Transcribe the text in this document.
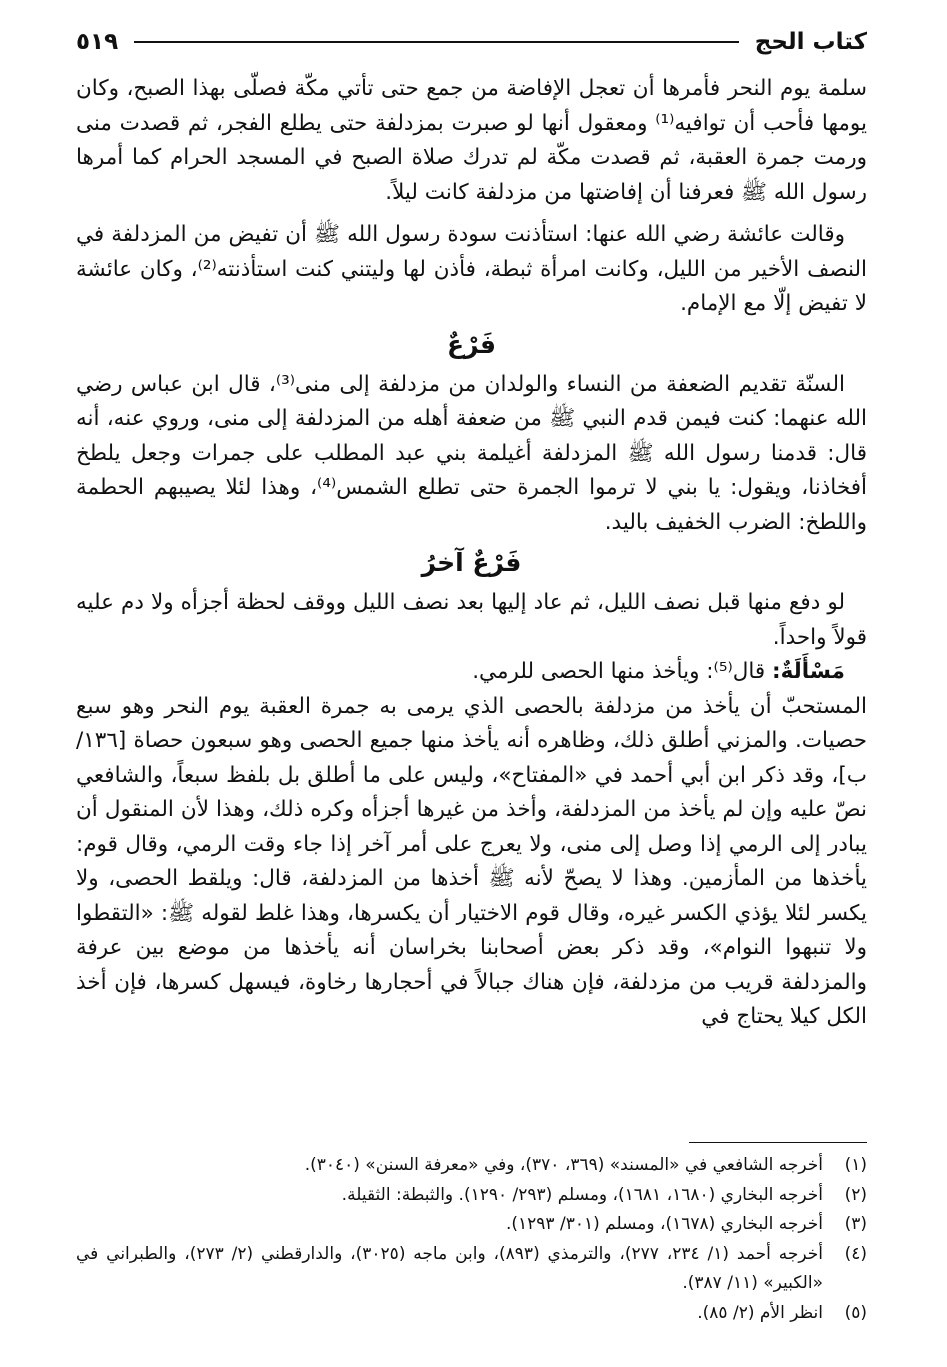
كتاب الحج
٥١٩

سلمة يوم النحر فأمرها أن تعجل الإفاضة من جمع حتى تأتي مكّة فصلّى بهذا الصبح، وكان يومها فأحب أن توافيه⁽¹⁾ ومعقول أنها لو صبرت بمزدلفة حتى يطلع الفجر، ثم قصدت منى ورمت جمرة العقبة، ثم قصدت مكّة لم تدرك صلاة الصبح في المسجد الحرام كما أمرها رسول الله ﷺ فعرفنا أن إفاضتها من مزدلفة كانت ليلاً.

وقالت عائشة رضي الله عنها: استأذنت سودة رسول الله ﷺ أن تفيض من المزدلفة في النصف الأخير من الليل، وكانت امرأة ثبطة، فأذن لها وليتني كنت استأذنته⁽²⁾، وكان عائشة لا تفيض إلّا مع الإمام.

فَرْعٌ

السنّة تقديم الضعفة من النساء والولدان من مزدلفة إلى منى⁽³⁾، قال ابن عباس رضي الله عنهما: كنت فيمن قدم النبي ﷺ من ضعفة أهله من المزدلفة إلى منى، وروي عنه، أنه قال: قدمنا رسول الله ﷺ المزدلفة أغيلمة بني عبد المطلب على جمرات وجعل يلطخ أفخاذنا، ويقول: يا بني لا ترموا الجمرة حتى تطلع الشمس⁽⁴⁾، وهذا لئلا يصيبهم الحطمة واللطخ: الضرب الخفيف باليد.

فَرْعٌ آخرُ

لو دفع منها قبل نصف الليل، ثم عاد إليها بعد نصف الليل ووقف لحظة أجزأه ولا دم عليه قولاً واحداً.

مَسْأَلَةٌ: قال⁽⁵⁾: ويأخذ منها الحصى للرمي.

المستحبّ أن يأخذ من مزدلفة بالحصى الذي يرمى به جمرة العقبة يوم النحر وهو سبع حصيات. والمزني أطلق ذلك، وظاهره أنه يأخذ منها جميع الحصى وهو سبعون حصاة [١٣٦/ب]، وقد ذكر ابن أبي أحمد في «المفتاح»، وليس على ما أطلق بل بلفظ سبعاً، والشافعي نصّ عليه وإن لم يأخذ من المزدلفة، وأخذ من غيرها أجزأه وكره ذلك، وهذا لأن المنقول أن يبادر إلى الرمي إذا وصل إلى منى، ولا يعرج على أمر آخر إذا جاء وقت الرمي، وقال قوم: يأخذها من المأزمين. وهذا لا يصحّ لأنه ﷺ أخذها من المزدلفة، قال: ويلقط الحصى، ولا يكسر لئلا يؤذي الكسر غيره، وقال قوم الاختيار أن يكسرها، وهذا غلط لقوله ﷺ: «التقطوا ولا تنبهوا النوام»، وقد ذكر بعض أصحابنا بخراسان أنه يأخذها من موضع بين عرفة والمزدلفة قريب من مزدلفة، فإن هناك جبالاً في أحجارها رخاوة، فيسهل كسرها، فإن أخذ الكل كيلا يحتاج في

(١)
أخرجه الشافعي في «المسند» (٣٦٩، ٣٧٠)، وفي «معرفة السنن» (٣٠٤٠).
(٢)
أخرجه البخاري (١٦٨٠، ١٦٨١)، ومسلم (٢٩٣/ ١٢٩٠). والثبطة: الثقيلة.
(٣)
أخرجه البخاري (١٦٧٨)، ومسلم (٣٠١/ ١٢٩٣).
(٤)
أخرجه أحمد (١/ ٢٣٤، ٢٧٧)، والترمذي (٨٩٣)، وابن ماجه (٣٠٢٥)، والدارقطني (٢/ ٢٧٣)، والطبراني في «الكبير» (١١/ ٣٨٧).
(٥)
انظر الأم (٢/ ٨٥).
